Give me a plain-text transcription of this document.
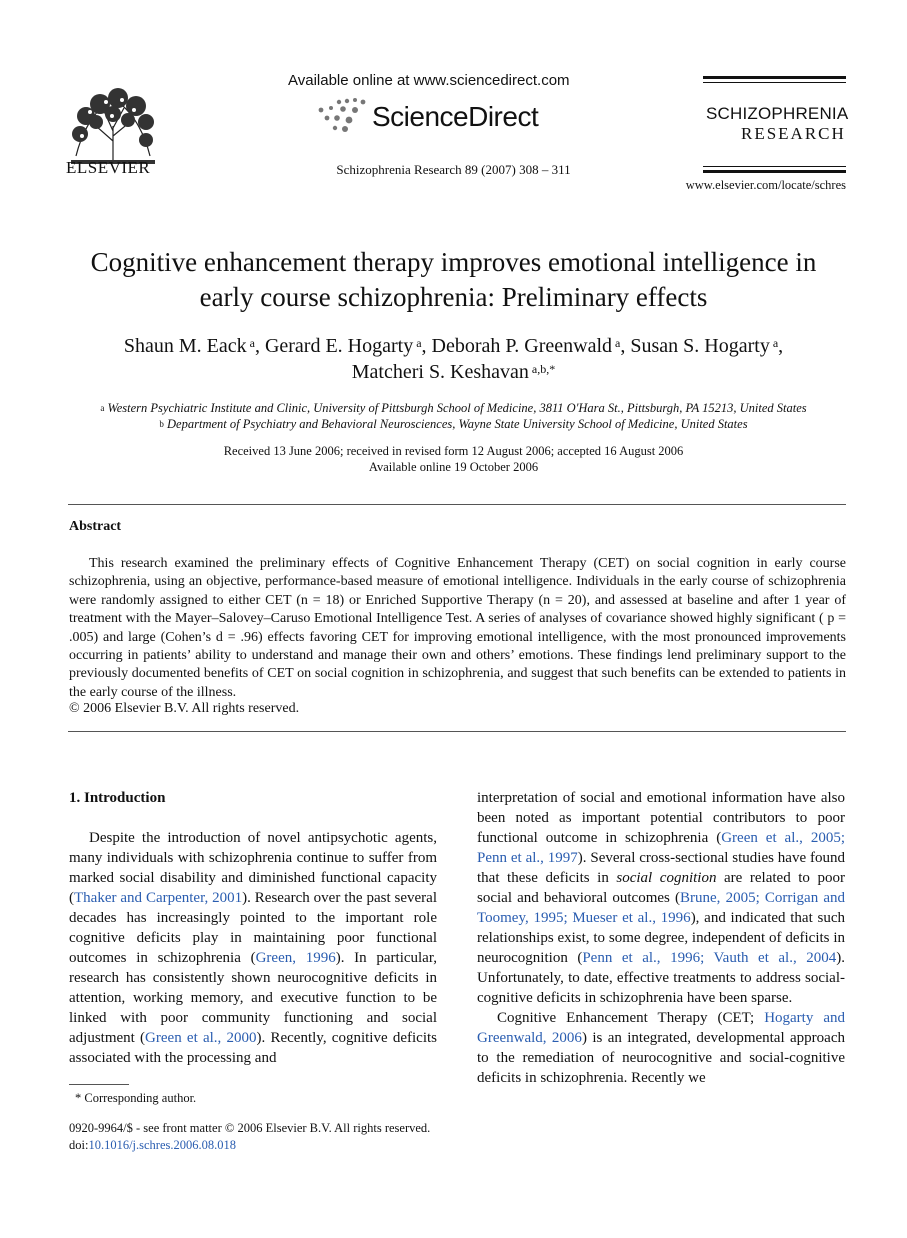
ELSEVIER
Available online at www.sciencedirect.com
ScienceDirect
Schizophrenia Research 89 (2007) 308 – 311
SCHIZOPHRENIA
RESEARCH
www.elsevier.com/locate/schres
Cognitive enhancement therapy improves emotional intelligence in
early course schizophrenia: Preliminary effects
Shaun M. Eack $^a$, Gerard E. Hogarty $^a$, Deborah P. Greenwald $^a$, Susan S. Hogarty $^a$,
Matcheri S. Keshavan $^{a,b,*}$
$^a$ Western Psychiatric Institute and Clinic, University of Pittsburgh School of Medicine, 3811 O'Hara St., Pittsburgh, PA 15213, United States
$^b$ Department of Psychiatry and Behavioral Neurosciences, Wayne State University School of Medicine, United States
Received 13 June 2006; received in revised form 12 August 2006; accepted 16 August 2006
Available online 19 October 2006
Abstract
This research examined the preliminary effects of Cognitive Enhancement Therapy (CET) on social cognition in early course schizophrenia, using an objective, performance-based measure of emotional intelligence. Individuals in the early course of schizophrenia were randomly assigned to either CET (n = 18) or Enriched Supportive Therapy (n = 20), and assessed at baseline and after 1 year of treatment with the Mayer–Salovey–Caruso Emotional Intelligence Test. A series of analyses of covariance showed highly significant ( p = .005) and large (Cohen’s d = .96) effects favoring CET for improving emotional intelligence, with the most pronounced improvements occurring in patients’ ability to understand and manage their own and others’ emotions. These findings lend preliminary support to the previously documented benefits of CET on social cognition in schizophrenia, and suggest that such benefits can be extended to patients in the early course of the illness.
© 2006 Elsevier B.V. All rights reserved.

1. Introduction

Despite the introduction of novel antipsychotic agents, many individuals with schizophrenia continue to suffer from marked social disability and diminished functional capacity (Thaker and Carpenter, 2001). Research over the past several decades has increasingly pointed to the important role cognitive deficits play in maintaining poor functional outcomes in schizophrenia (Green, 1996). In particular, research has consistently shown neurocognitive deficits in attention, working memory, and executive function to be linked with poor community functioning and social adjustment (Green et al., 2000). Recently, cognitive deficits associated with the processing and

interpretation of social and emotional information have also been noted as important potential contributors to poor functional outcome in schizophrenia (Green et al., 2005; Penn et al., 1997). Several cross-sectional studies have found that these deficits in social cognition are related to poor social and behavioral outcomes (Brune, 2005; Corrigan and Toomey, 1995; Mueser et al., 1996), and indicated that such relationships exist, to some degree, independent of deficits in neurocognition (Penn et al., 1996; Vauth et al., 2004). Unfortunately, to date, effective treatments to address social-cognitive deficits in schizophrenia have been sparse.

Cognitive Enhancement Therapy (CET; Hogarty and Greenwald, 2006) is an integrated, developmental approach to the remediation of neurocognitive and social-cognitive deficits in schizophrenia. Recently we

* Corresponding author.
0920-9964/$ - see front matter © 2006 Elsevier B.V. All rights reserved.
doi:10.1016/j.schres.2006.08.018
